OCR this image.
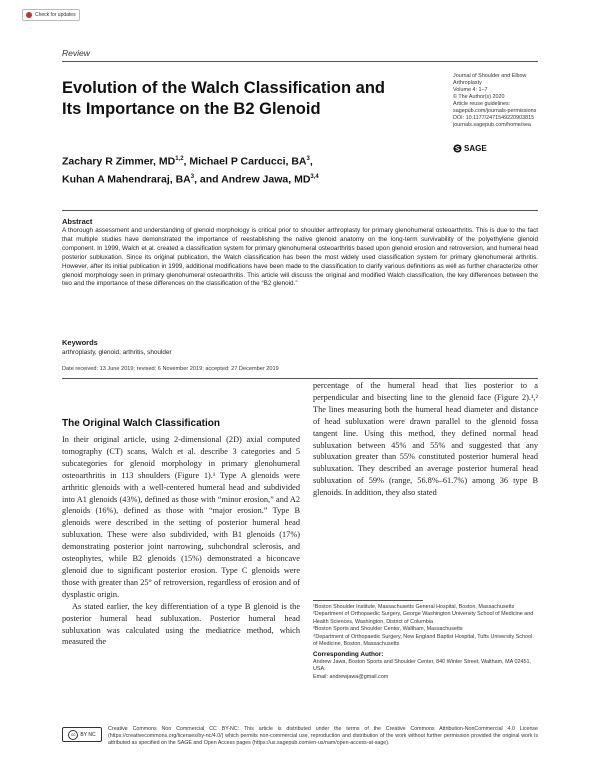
Check for updates
Review
Evolution of the Walch Classification and Its Importance on the B2 Glenoid
Journal of Shoulder and Elbow
Arthroplasty
Volume 4: 1–7
© The Author(s) 2020
Article reuse guidelines:
sagepub.com/journals-permissions
DOI: 10.1177/2471549220903815
journals.sagepub.com/home/sea
SAGE
Zachary R Zimmer, MD$^{1,2}$, Michael P Carducci, $BA^3$,
Kuhan A Mahendraraj, $BA^3$, and Andrew Jawa, MD$^{3,4}$
Abstract
A thorough assessment and understanding of glenoid morphology is critical prior to shoulder arthroplasty for primary glenohumeral osteoarthritis. This is due to the fact that multiple studies have demonstrated the importance of reestablishing the native glenoid anatomy on the long-term survivability of the polyethylene glenoid component. In 1999, Walch et al. created a classification system for primary glenohumeral osteoarthritis based upon glenoid erosion and retroversion, and humeral head posterior subluxation. Since its original publication, the Walch classification has been the most widely used classification system for primary glenohumeral arthritis. However, after its initial publication in 1999, additional modifications have been made to the classification to clarify various definitions as well as further characterize other glenoid morphology seen in primary glenohumeral osteoarthritis. This article will discuss the original and modified Walch classification, the key differences between the two and the importance of these differences on the classification of the “B2 glenoid.”
Keywords
arthroplasty, glenoid, arthritis, shoulder
Date received: 13 June 2019; revised: 6 November 2019; accepted: 27 December 2019
The Original Walch Classification

In their original article, using 2-dimensional (2D) axial computed tomography (CT) scans, Walch et al. describe 3 categories and 5 subcategories for glenoid morphology in primary glenohumeral osteoarthritis in 113 shoulders (Figure 1).¹ Type A glenoids were arthritic glenoids with a well-centered humeral head and subdivided into A1 glenoids (43%), defined as those with “minor erosion,” and A2 glenoids (16%), defined as those with “major erosion.” Type B glenoids were described in the setting of posterior humeral head subluxation. These were also subdivided, with B1 glenoids (17%) demonstrating posterior joint narrowing, subchondral sclerosis, and osteophytes, while B2 glenoids (15%) demonstrated a biconcave glenoid due to significant posterior erosion. Type C glenoids were those with greater than 25° of retroversion, regardless of erosion and of dysplastic origin.

As stated earlier, the key differentiation of a type B glenoid is the posterior humeral head subluxation. Posterior humeral head subluxation was calculated using the mediatrice method, which measured the

percentage of the humeral head that lies posterior to a perpendicular and bisecting line to the glenoid face (Figure 2).¹,² The lines measuring both the humeral head diameter and distance of head subluxation were drawn parallel to the glenoid fossa tangent line. Using this method, they defined normal head subluxation between 45% and 55% and suggested that any subluxation greater than 55% constituted posterior humeral head subluxation. They described an average posterior humeral head subluxation of 59% (range, 56.8%–61.7%) among 36 type B glenoids. In addition, they also stated
¹Boston Shoulder Institute, Massachusetts General Hospital, Boston, Massachusetts
²Department of Orthopaedic Surgery, George Washington University School of Medicine and Health Sciences, Washington, District of Columbia
³Boston Sports and Shoulder Center, Waltham, Massachusetts
⁴Department of Orthopaedic Surgery, New England Baptist Hospital, Tufts University School of Medicine, Boston, Massachusetts
Corresponding Author:
Andrew Jawa, Boston Sports and Shoulder Center, 840 Winter Street, Waltham, MA 02451, USA.
Email: andrewjawa@gmail.com
cc BY NC
Creative Commons Non Commercial CC BY-NC: This article is distributed under the terms of the Creative Commons Attribution-NonCommercial 4.0 License (https://creativecommons.org/licenses/by-nc/4.0/) which permits non-commercial use, reproduction and distribution of the work without further permission provided the original work is attributed as specified on the SAGE and Open Access pages (https://us.sagepub.com/en-us/nam/open-access-at-sage).
